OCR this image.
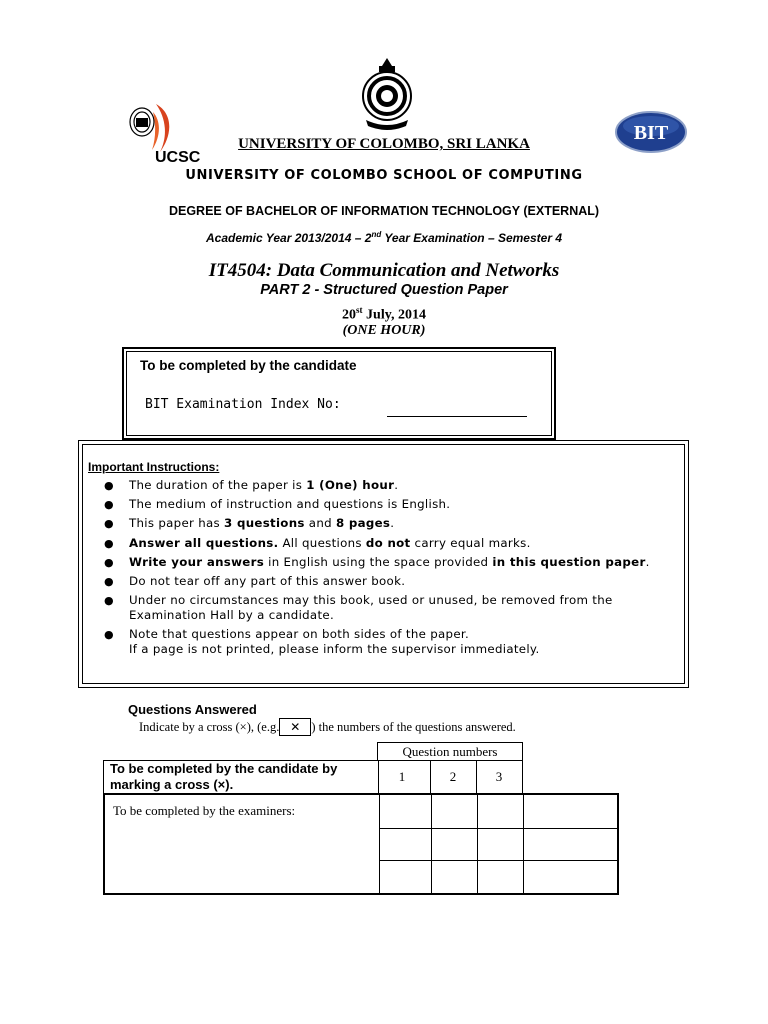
UCSC
BIT
UNIVERSITY OF COLOMBO, SRI LANKA
UNIVERSITY OF COLOMBO SCHOOL OF COMPUTING
DEGREE OF BACHELOR OF INFORMATION TECHNOLOGY (EXTERNAL)
Academic Year 2013/2014 – 2nd Year Examination – Semester 4
IT4504: Data Communication and Networks
PART 2 - Structured Question Paper
20st July, 2014
(ONE HOUR)
To be completed by the candidate
BIT Examination Index No:
Important Instructions:
● The duration of the paper is 1 (One) hour.
● The medium of instruction and questions is English.
● This paper has 3 questions and 8 pages.
● Answer all questions. All questions do not carry equal marks.
● Write your answers in English using the space provided in this question paper.
● Do not tear off any part of this answer book.
● Under no circumstances may this book, used or unused, be removed from the Examination Hall by a candidate.
● Note that questions appear on both sides of the paper.
If a page is not printed, please inform the supervisor immediately.
Questions Answered
Indicate by a cross (×), (e.g. ✕ ) the numbers of the questions answered.
Question numbers
To be completed by the candidate by marking a cross (×).
1	2	3
To be completed by the examiners:
